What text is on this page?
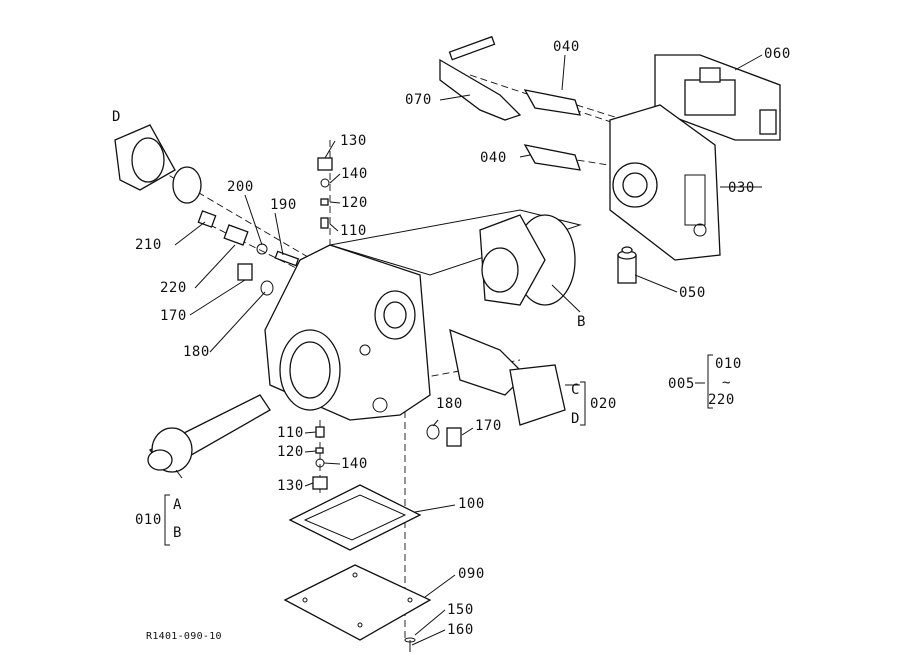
060
040
070
040
030
050
D
200
190
130
140
120
110
210
220
170
180
B
020
C
D
180
170
110
120
140
130
010
A
B
100
090
150
160
005
010
~
220
R1401-090-10
